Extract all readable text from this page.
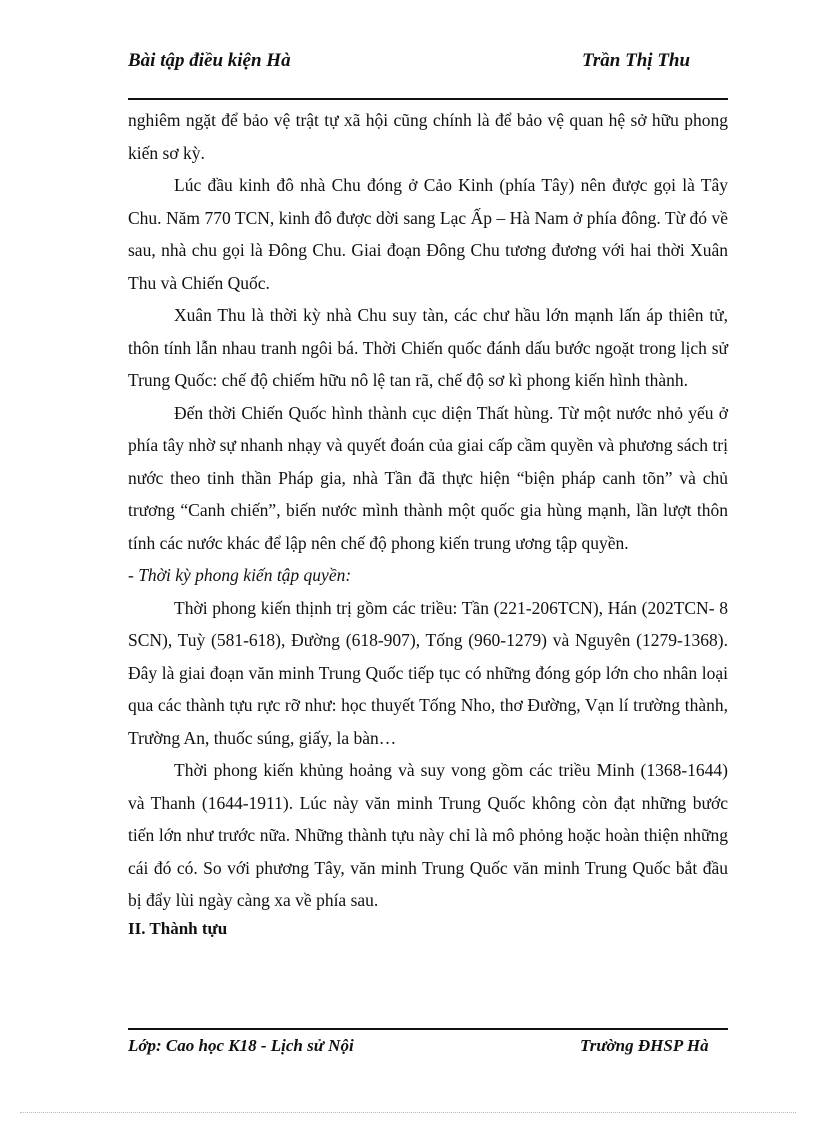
Bài tập điều kiện Hà	Trần Thị Thu

nghiêm ngặt để bảo vệ trật tự xã hội cũng chính là để bảo vệ quan hệ sở hữu phong kiến sơ kỳ.

Lúc đầu kinh đô nhà Chu đóng ở Cảo Kinh (phía Tây) nên được gọi là Tây Chu. Năm 770 TCN, kinh đô được dời sang Lạc Ấp – Hà Nam ở phía đông. Từ đó về sau, nhà chu gọi là Đông Chu. Giai đoạn Đông Chu tương đương với hai thời Xuân Thu và Chiến Quốc.

Xuân Thu là thời kỳ nhà Chu suy tàn, các chư hầu lớn mạnh lấn áp thiên tử, thôn tính lẫn nhau tranh ngôi bá. Thời Chiến quốc đánh dấu bước ngoặt trong lịch sử Trung Quốc: chế độ chiếm hữu nô lệ tan rã, chế độ sơ kì phong kiến hình thành.

Đến thời Chiến Quốc hình thành cục diện Thất hùng. Từ một nước nhỏ yếu ở phía tây nhờ sự nhanh nhạy và quyết đoán của giai cấp cầm quyền và phương sách trị nước theo tinh thần Pháp gia, nhà Tần đã thực hiện “biện pháp canh tõn” và chủ trương “Canh chiến”, biến nước mình thành một quốc gia hùng mạnh, lần lượt thôn tính các nước khác để lập nên chế độ phong kiến trung ương tập quyền.

- Thời kỳ phong kiến tập quyền:

Thời phong kiến thịnh trị gồm các triều: Tần (221-206TCN), Hán (202TCN- 8 SCN), Tuỳ (581-618), Đường (618-907), Tống (960-1279) và Nguyên (1279-1368). Đây là giai đoạn văn minh Trung Quốc tiếp tục có những đóng góp lớn cho nhân loại qua các thành tựu rực rỡ như: học thuyết Tống Nho, thơ Đường, Vạn lí trường thành, Trường An, thuốc súng, giấy, la bàn…

Thời phong kiến khủng hoảng và suy vong gồm các triều Minh (1368-1644) và Thanh (1644-1911). Lúc này văn minh Trung Quốc không còn đạt những bước tiến lớn như trước nữa. Những thành tựu này chỉ là mô phỏng hoặc hoàn thiện những cái đó có. So với phương Tây, văn minh Trung Quốc văn minh Trung Quốc bắt đầu bị đẩy lùi ngày càng xa về phía sau.

II. Thành tựu

Lớp: Cao học K18 - Lịch sử Nội	Trường ĐHSP Hà
